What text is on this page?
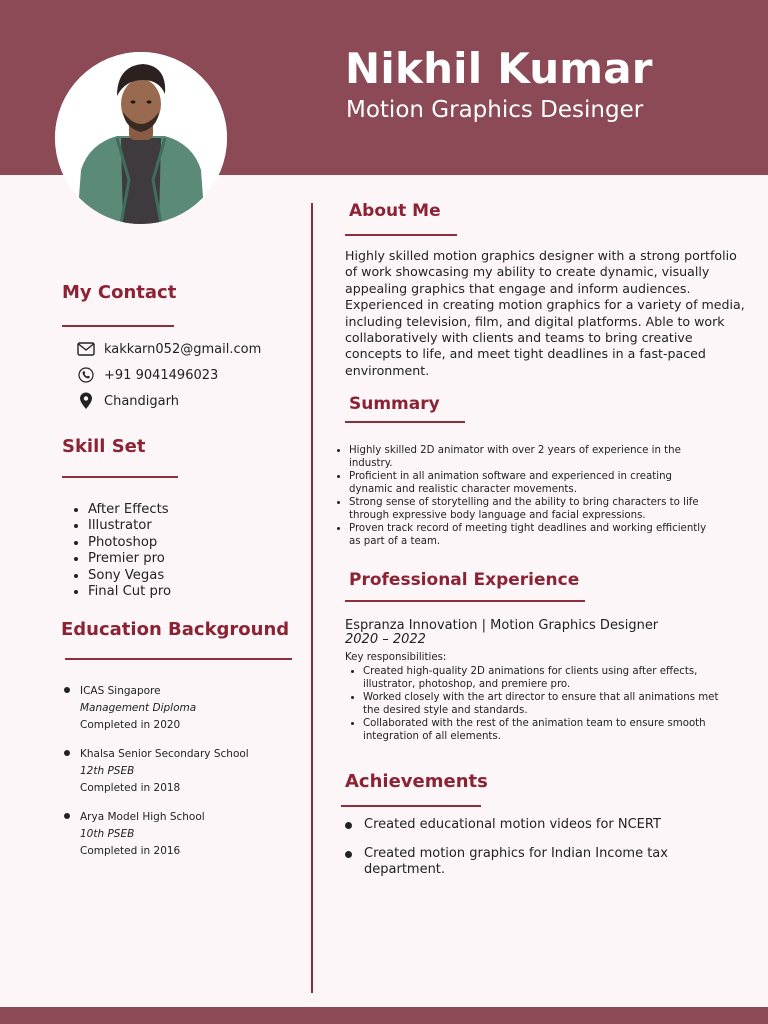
Nikhil Kumar
Motion Graphics Desinger
My Contact
kakkarn052@gmail.com
+91 9041496023
Chandigarh
Skill Set
• After Effects
• Illustrator
• Photoshop
• Premier pro
• Sony Vegas
• Final Cut pro
Education Background
ICAS Singapore
Management Diploma
Completed in 2020
Khalsa Senior Secondary School
12th PSEB
Completed in 2018
Arya Model High School
10th PSEB
Completed in 2016
About Me
Highly skilled motion graphics designer with a strong portfolio of work showcasing my ability to create dynamic, visually appealing graphics that engage and inform audiences. Experienced in creating motion graphics for a variety of media, including television, film, and digital platforms. Able to work collaboratively with clients and teams to bring creative concepts to life, and meet tight deadlines in a fast-paced environment.
Summary
• Highly skilled 2D animator with over 2 years of experience in the industry.
• Proficient in all animation software and experienced in creating dynamic and realistic character movements.
• Strong sense of storytelling and the ability to bring characters to life through expressive body language and facial expressions.
• Proven track record of meeting tight deadlines and working efficiently as part of a team.
Professional Experience
Espranza Innovation | Motion Graphics Designer
2020 – 2022
Key responsibilities:
• Created high-quality 2D animations for clients using after effects, illustrator, photoshop, and premiere pro.
• Worked closely with the art director to ensure that all animations met the desired style and standards.
• Collaborated with the rest of the animation team to ensure smooth integration of all elements.
Achievements
Created educational motion videos for NCERT
Created motion graphics for Indian Income tax department.
